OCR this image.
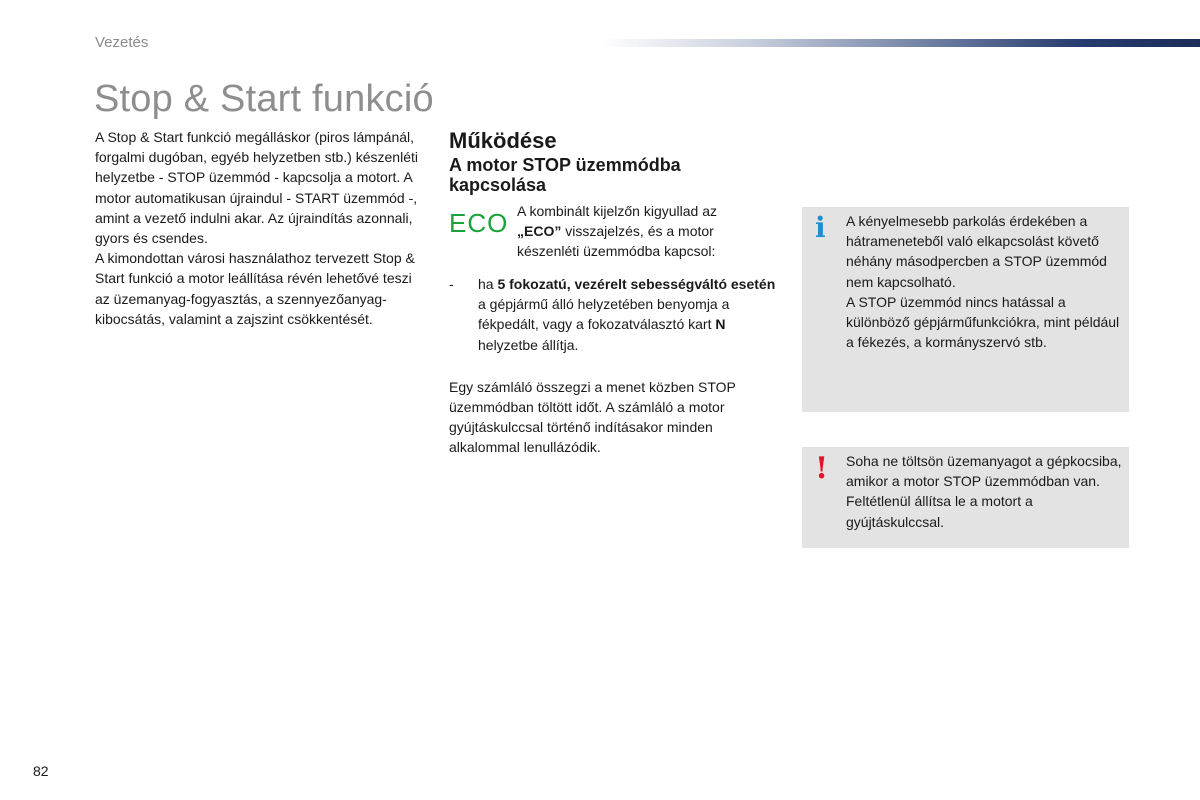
Vezetés
Stop & Start funkció

A Stop & Start funkció megálláskor (piros lámpánál, forgalmi dugóban, egyéb helyzetben stb.) készenléti helyzetbe - STOP üzemmód - kapcsolja a motort. A motor automatikusan újraindul - START üzemmód -, amint a vezető indulni akar. Az újraindítás azonnali, gyors és csendes.

A kimondottan városi használathoz tervezett Stop & Start funkció a motor leállítása révén lehetővé teszi az üzemanyag-fogyasztás, a szennyezőanyag-kibocsátás, valamint a zajszint csökkentését.

Működése
A motor STOP üzemmódba kapcsolása
ECO A kombinált kijelzőn kigyullad az „ECO” visszajelzés, és a motor készenléti üzemmódba kapcsol:
- ha 5 fokozatú, vezérelt sebességváltó esetén a gépjármű álló helyzetében benyomja a fékpedált, vagy a fokozatválasztó kart N helyzetbe állítja.
Egy számláló összegzi a menet közben STOP üzemmódban töltött időt. A számláló a motor gyújtáskulccsal történő indításakor minden alkalommal lenullázódik.
i A kényelmesebb parkolás érdekében a hátrameneteből való elkapcsolást követő néhány másodpercben a STOP üzemmód nem kapcsolható.

A STOP üzemmód nincs hatással a különböző gépjárműfunkciókra, mint például a fékezés, a kormányszervó stb.

! Soha ne töltsön üzemanyagot a gépkocsiba, amikor a motor STOP üzemmódban van. Feltétlenül állítsa le a motort a gyújtáskulccsal.
82
